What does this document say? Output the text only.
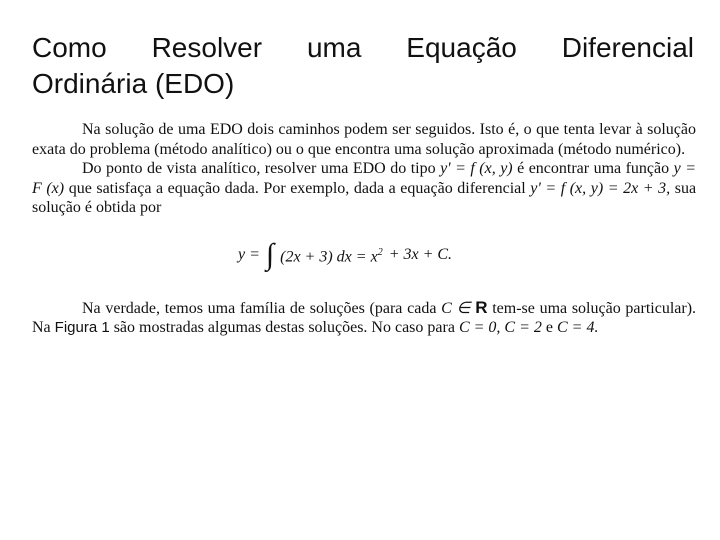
Como Resolver uma Equação Diferencial
Ordinária (EDO)

Na solução de uma EDO dois caminhos podem ser seguidos. Isto é, o que tenta levar à solução exata do problema (método analítico) ou o que encontra uma solução aproximada (método numérico).

Do ponto de vista analítico, resolver uma EDO do tipo y' = f (x, y) é encontrar uma função y = F (x) que satisfaça a equação dada. Por exemplo, dada a equação diferencial y' = f (x, y) = 2x + 3, sua solução é obtida por

y = ∫ (2x + 3) dx = $x^2 + 3x + C$.

Na verdade, temos uma família de soluções (para cada C ∈ R tem-se uma solução particular). Na Figura 1 são mostradas algumas destas soluções. No caso para C = 0, C = 2 e C = 4.
